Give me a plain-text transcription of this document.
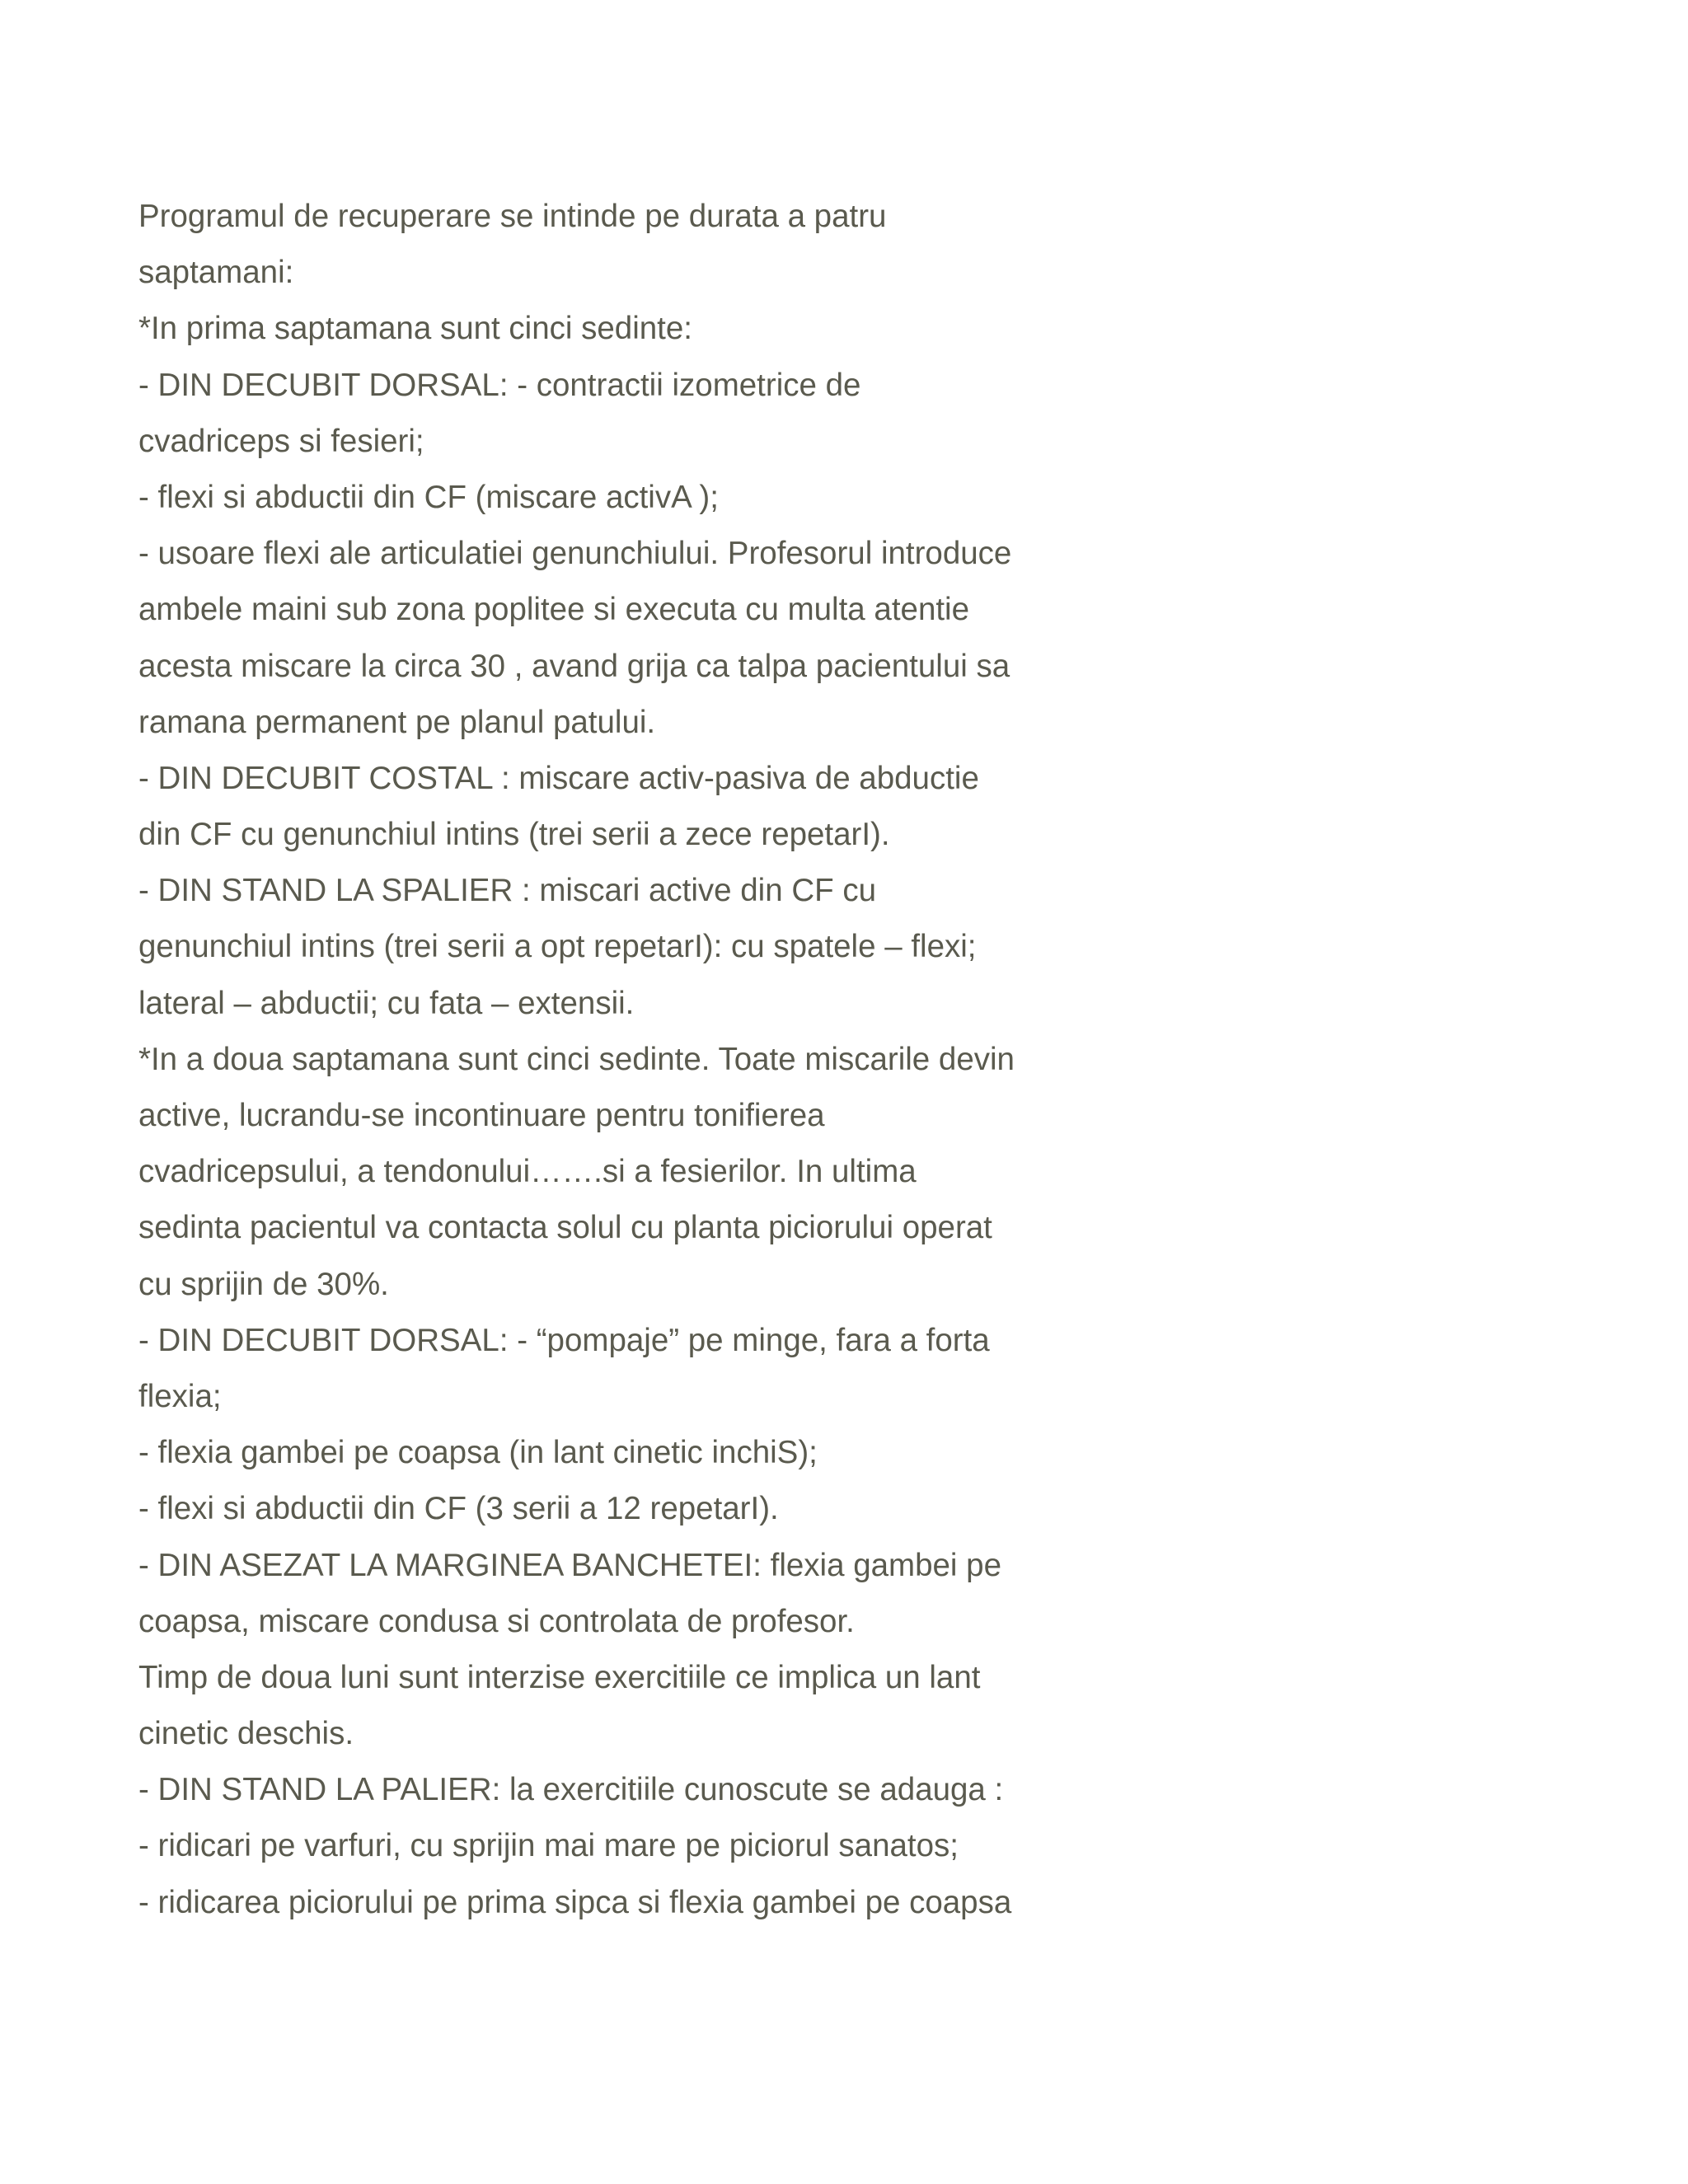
Programul de recuperare se intinde pe durata a patru
saptamani:
*In prima saptamana sunt cinci sedinte:
- DIN DECUBIT DORSAL: - contractii izometrice de
cvadriceps si fesieri;
- flexi si abductii din CF (miscare activA );
- usoare flexi ale articulatiei genunchiului. Profesorul introduce
ambele maini sub zona poplitee si executa cu multa atentie
acesta miscare la circa 30 , avand grija ca talpa pacientului sa
ramana permanent pe planul patului.
- DIN DECUBIT COSTAL : miscare activ-pasiva de abductie
din CF cu genunchiul intins (trei serii a zece repetarI).
- DIN STAND LA SPALIER : miscari active din CF cu
genunchiul intins (trei serii a opt repetarI): cu spatele – flexi;
lateral – abductii; cu fata – extensii.
*In a doua saptamana sunt cinci sedinte. Toate miscarile devin
active, lucrandu-se incontinuare pentru tonifierea
cvadricepsului, a tendonului…….si a fesierilor. In ultima
sedinta pacientul va contacta solul cu planta piciorului operat
cu sprijin de 30%.
- DIN DECUBIT DORSAL: - “pompaje” pe minge, fara a forta
flexia;
- flexia gambei pe coapsa (in lant cinetic inchiS);
- flexi si abductii din CF (3 serii a 12 repetarI).
- DIN ASEZAT LA MARGINEA BANCHETEI: flexia gambei pe
coapsa, miscare condusa si controlata de profesor.
Timp de doua luni sunt interzise exercitiile ce implica un lant
cinetic deschis.
- DIN STAND LA PALIER: la exercitiile cunoscute se adauga :
- ridicari pe varfuri, cu sprijin mai mare pe piciorul sanatos;
- ridicarea piciorului pe prima sipca si flexia gambei pe coapsa
